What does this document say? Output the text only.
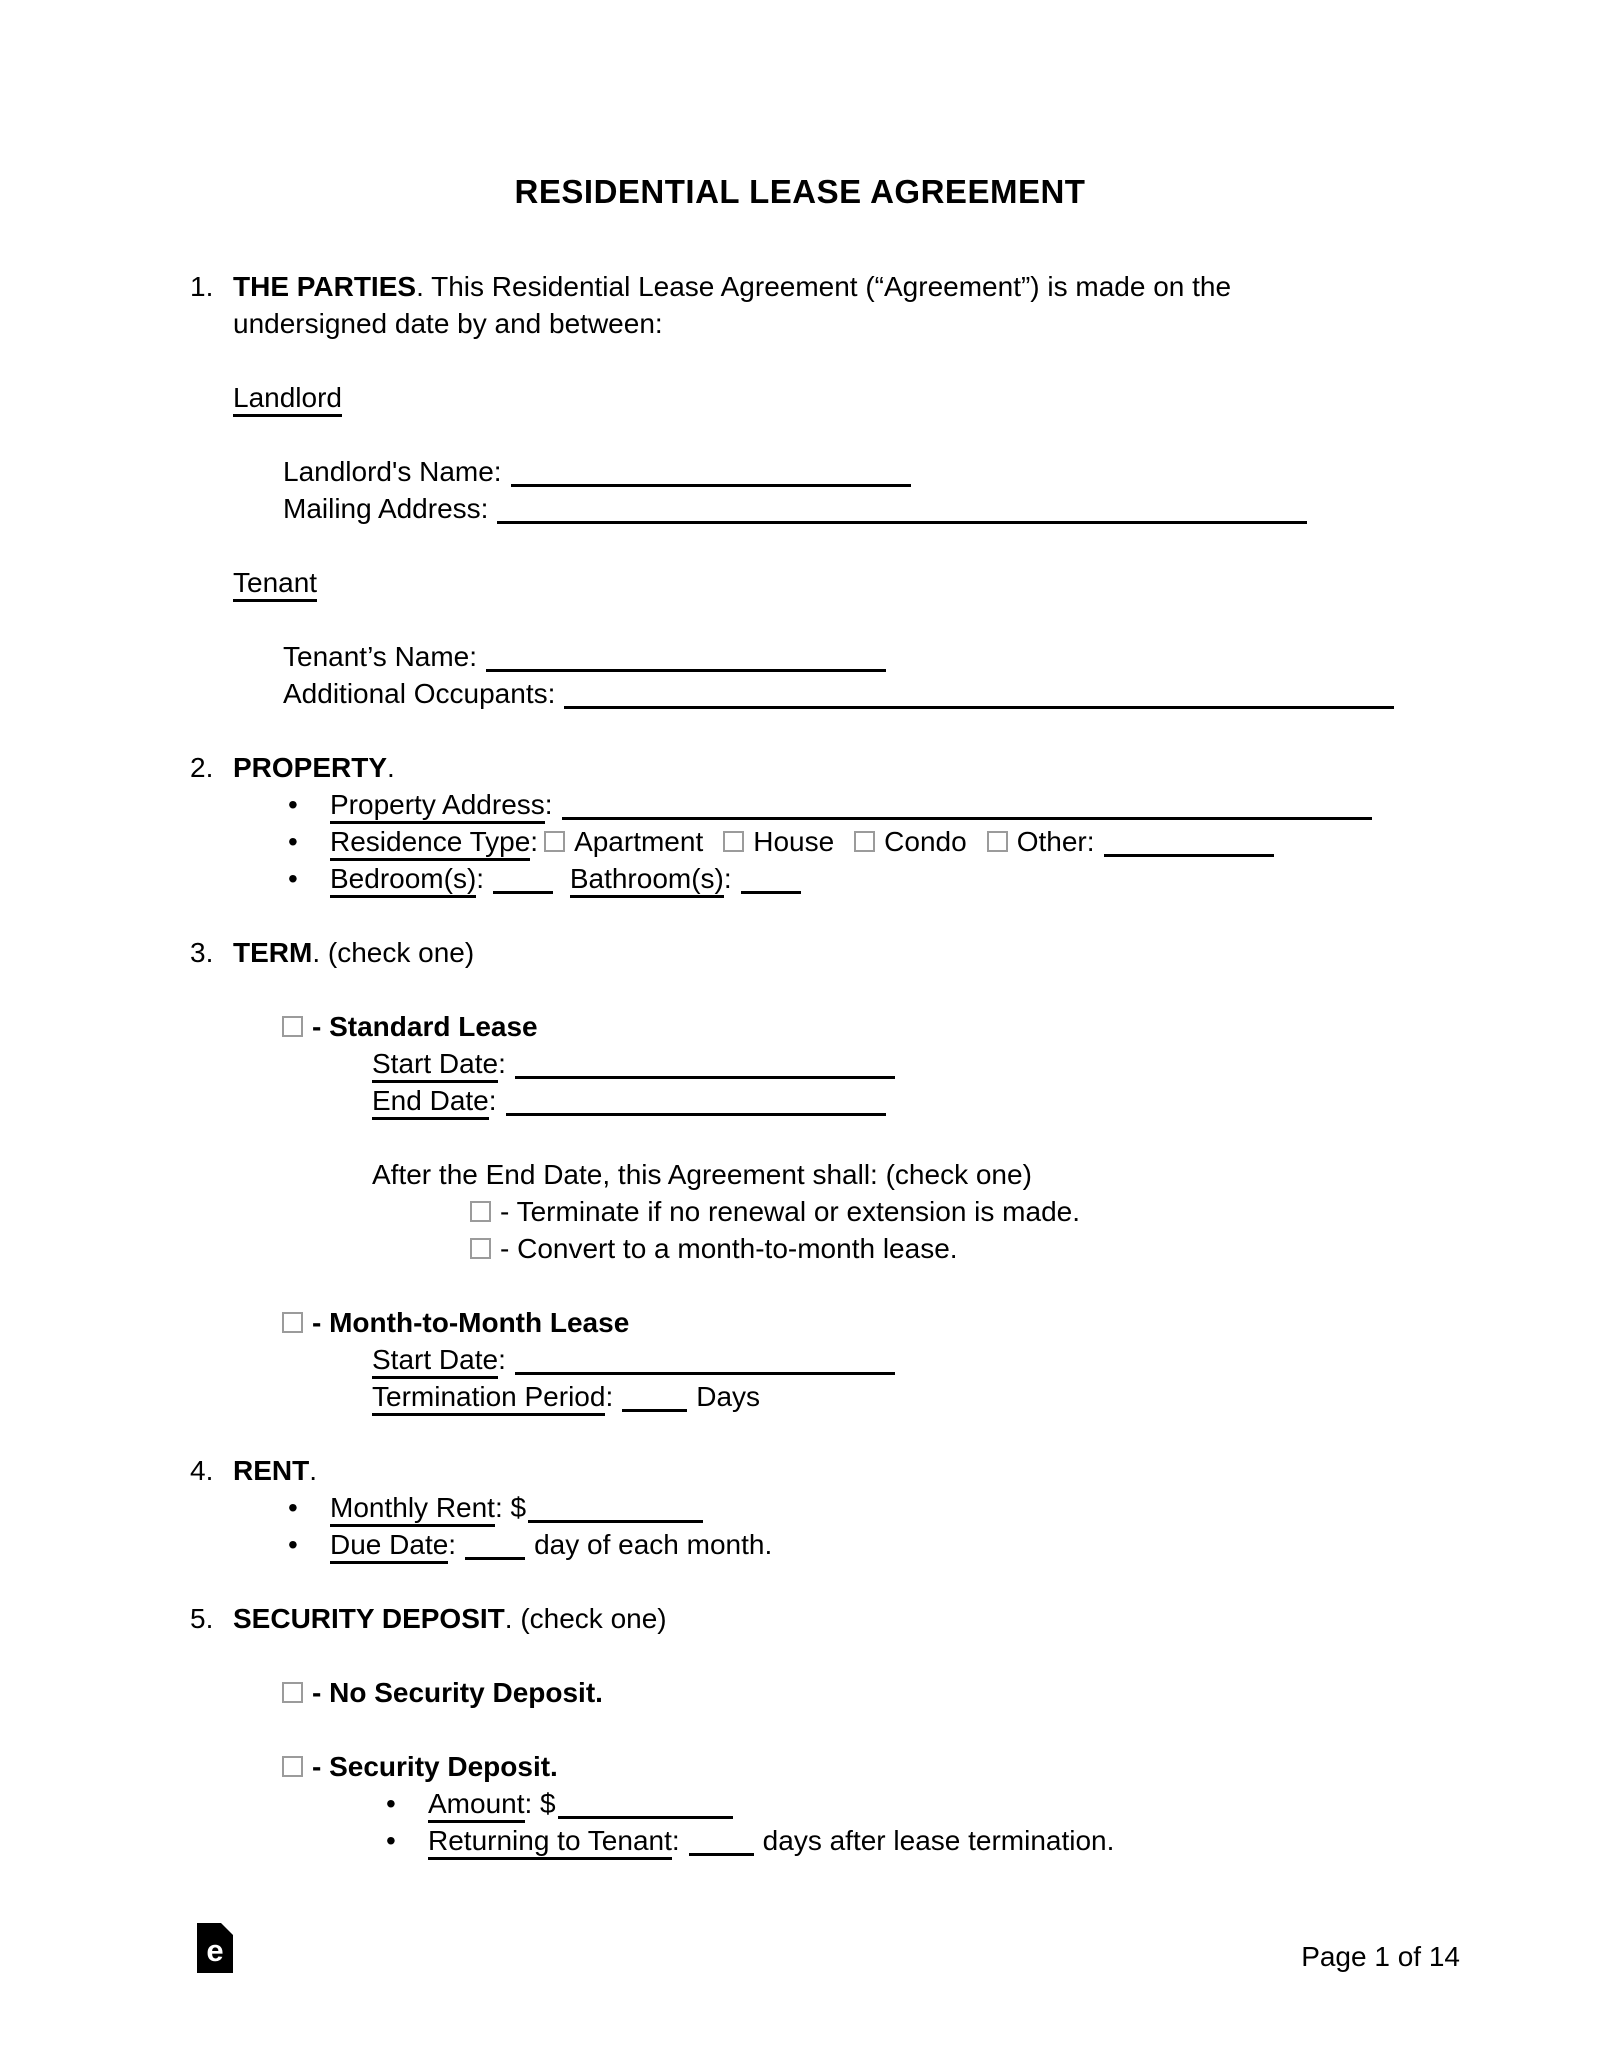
RESIDENTIAL LEASE AGREEMENT
1. THE PARTIES. This Residential Lease Agreement (“Agreement”) is made on the
undersigned date by and between:
Landlord
Landlord's Name:
Mailing Address:
Tenant
Tenant’s Name:
Additional Occupants:
2. PROPERTY.
• Property Address:
• Residence Type: Apartment House Condo Other:
• Bedroom(s):	Bathroom(s):
3. TERM. (check one)
- Standard Lease
Start Date:
End Date:
After the End Date, this Agreement shall: (check one)
- Terminate if no renewal or extension is made.
- Convert to a month-to-month lease.
- Month-to-Month Lease
Start Date:
Termination Period:	Days
4. RENT.
• Monthly Rent: $
• Due Date:	day of each month.
5. SECURITY DEPOSIT. (check one)
- No Security Deposit.
- Security Deposit.
• Amount: $
• Returning to Tenant:	days after lease termination.
e	Page 1 of 14
